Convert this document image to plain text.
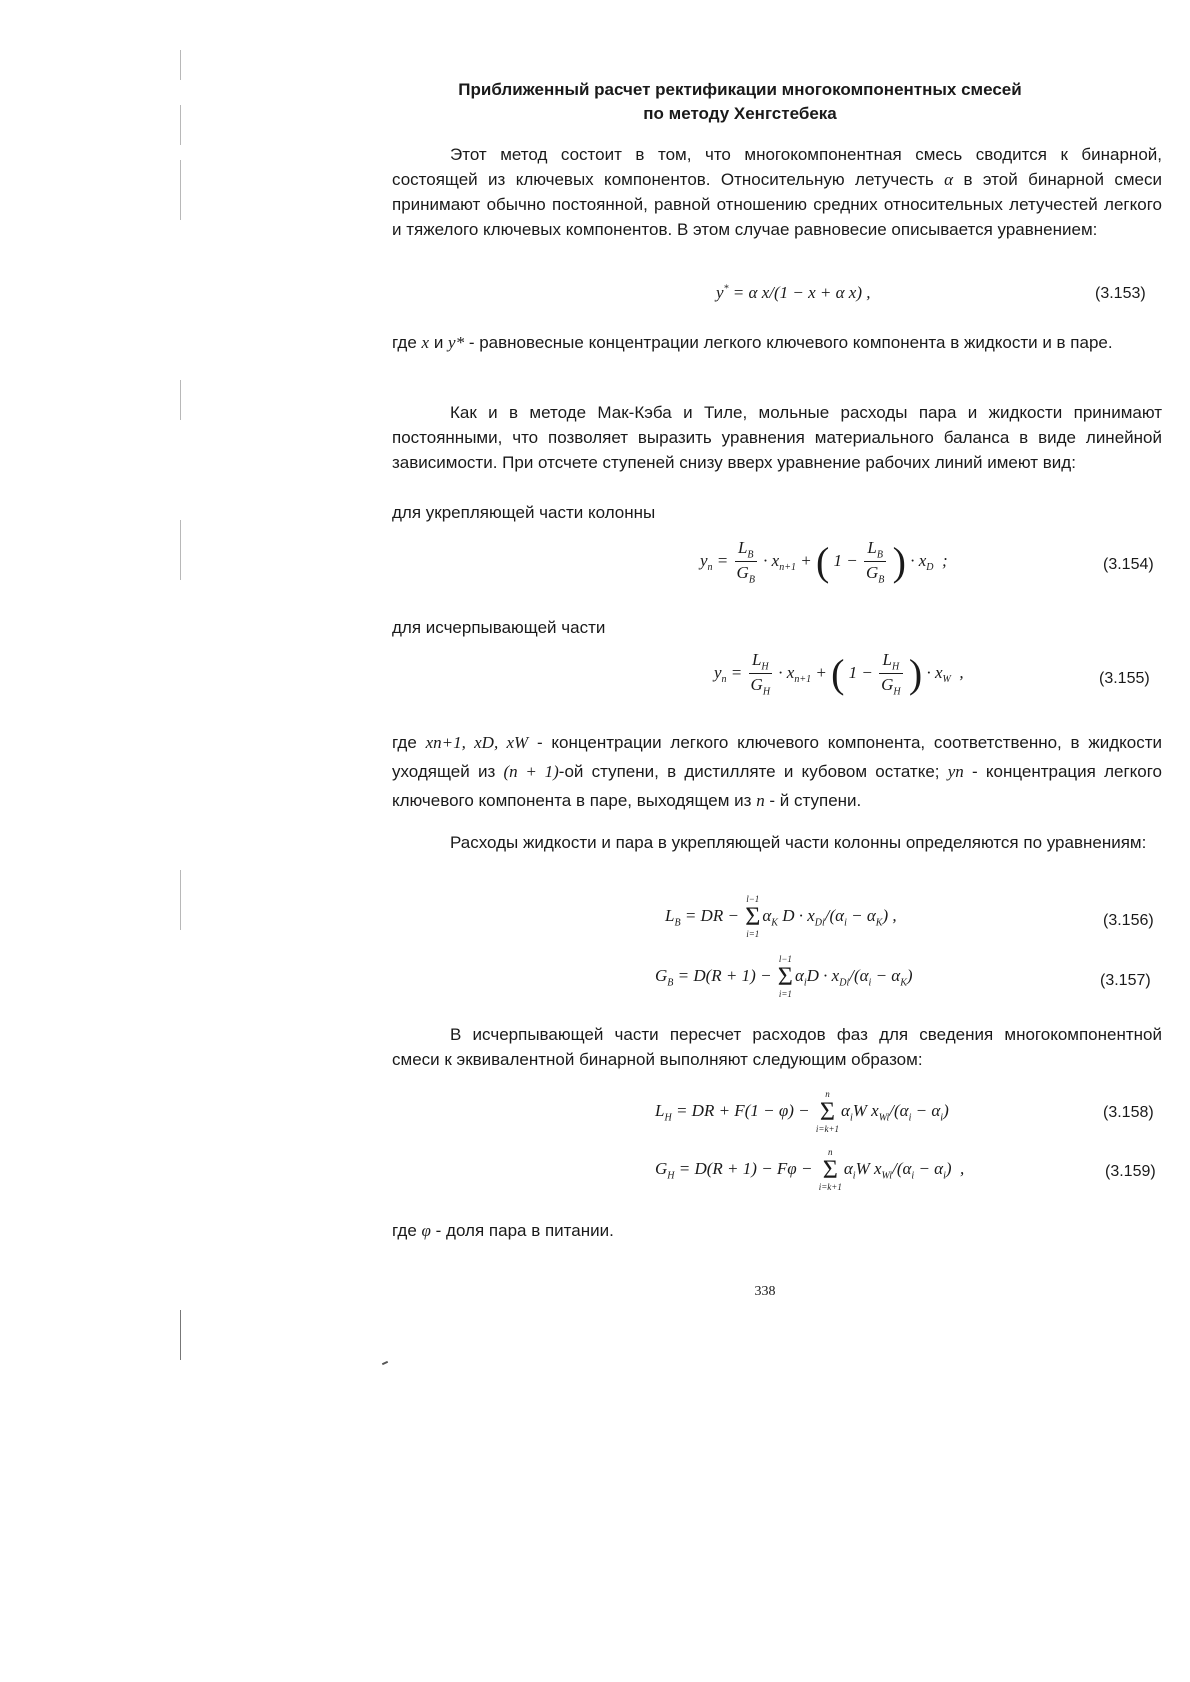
Приближенный расчет ректификации многокомпонентных смесей
по методу Хенгстебека

Этот метод состоит в том, что многокомпонентная смесь сводится к бинарной, состоящей из ключевых компонентов. Относительную летучесть α в этой бинарной смеси принимают обычно постоянной, равной отношению средних относительных летучестей легкого и тяжелого ключевых компонентов. В этом случае равновесие описывается уравнением:

y* = α x/(1 − x + α x) ,	(3.153)

где x и y* - равновесные концентрации легкого ключевого компонента в жидкости и в паре.

Как и в методе Мак-Кэба и Тиле, мольные расходы пара и жидкости принимают постоянными, что позволяет выразить уравнения материального баланса в виде линейной зависимости. При отсчете ступеней снизу вверх уравнение рабочих линий имеют вид:

для укрепляющей части колонны

$y_n = \frac{L_B}{G_B} \cdot x_{n+1}$ + ( $1 - \frac{L_B}{G_B}$ ) · $x_D$  ;	(3.154)

для исчерпывающей части

$y_n = \frac{L_H}{G_H} \cdot x_{n+1}$ + ( $1 - \frac{L_H}{G_H}$ ) · $x_W$  ,	(3.155)

где xn+1, xD, xW - концентрации легкого ключевого компонента, соответственно, в жидкости уходящей из (n + 1)-ой ступени, в дистилляте и кубовом остатке; yn - концентрация легкого ключевого компонента в паре, выходящем из n - й ступени.

Расходы жидкости и пара в укрепляющей части колонны определяются по уравнениям:

$L_B$ = DR −
l−1
Σ
i=1
$\alpha_K$ $D \cdot x_{Di}/(\alpha_i - \alpha_K)$ ,	(3.156)
$G_B = D(R + 1)$ −
l−1
Σ
i=1
$\alpha_iD \cdot x_{Di}/(\alpha_i - \alpha_K)$	(3.157)

В исчерпывающей части пересчет расходов фаз для сведения многокомпонентной смеси к эквивалентной бинарной выполняют следующим образом:

$L_H$ = DR + F(1 − φ) −
n
Σ
i=k+1
$\alpha_iW$ $x_{Wi}/(\alpha_i - \alpha_i)$	(3.158)
$G_H = D(R + 1) - F\varphi$ −
n
Σ
i=k+1
$\alpha_iW$ $x_{Wi}/(\alpha_i - \alpha_i)$  ,	(3.159)

где φ - доля пара в питании.

338
